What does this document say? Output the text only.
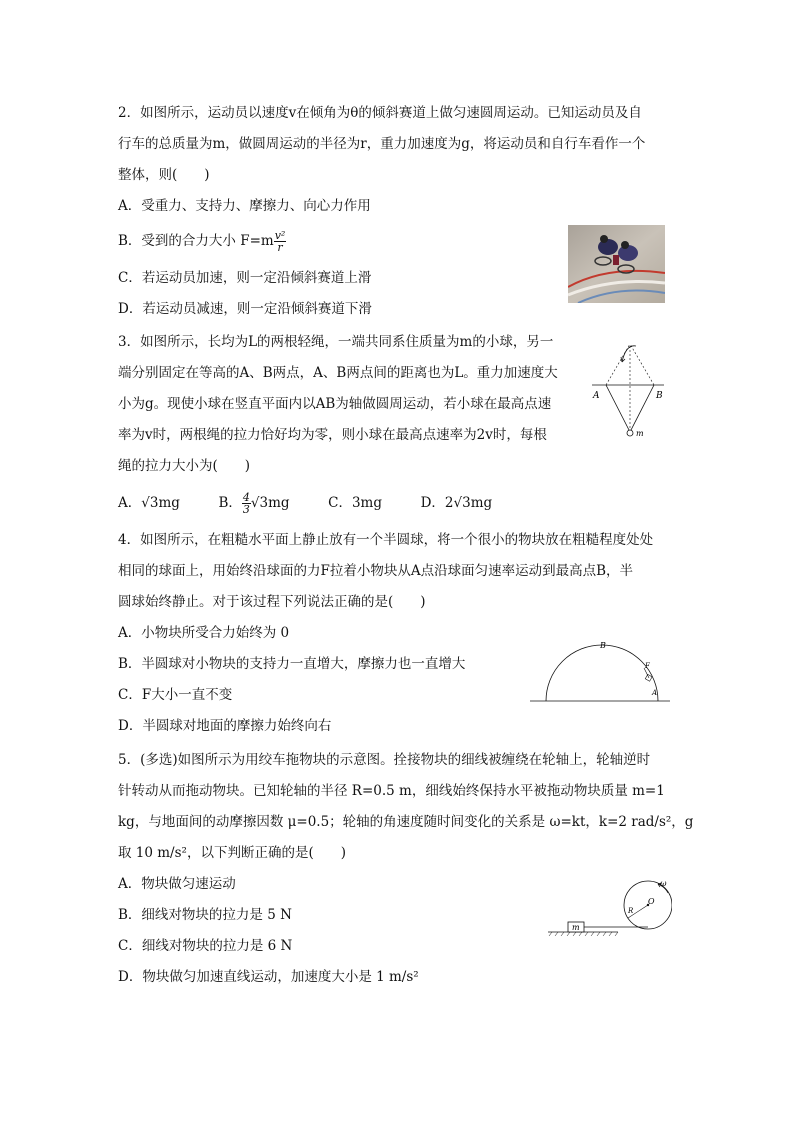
2．如图所示，运动员以速度v在倾角为θ的倾斜赛道上做匀速圆周运动。已知运动员及自
行车的总质量为m，做圆周运动的半径为r，重力加速度为g，将运动员和自行车看作一个
整体，则(　　)
A．受重力、支持力、摩擦力、向心力作用
B．受到的合力大小 $F=m \frac{\text{v²}}{r}$
C．若运动员加速，则一定沿倾斜赛道上滑
D．若运动员减速，则一定沿倾斜赛道下滑
3．如图所示，长均为L的两根轻绳，一端共同系住质量为m的小球，另一
端分别固定在等高的A、B两点，A、B两点间的距离也为L。重力加速度大
小为g。现使小球在竖直平面内以AB为轴做圆周运动，若小球在最高点速
率为v时，两根绳的拉力恰好均为零，则小球在最高点速率为2v时，每根
绳的拉力大小为(　　)
A．√3mg	B． $\frac{4}{3} √3mg$	C．3mg	D．2√3mg
A	B
m
4．如图所示，在粗糙水平面上静止放有一个半圆球，将一个很小的物块放在粗糙程度处处
相同的球面上，用始终沿球面的力F拉着小物块从A点沿球面匀速率运动到最高点B，半
圆球始终静止。对于该过程下列说法正确的是(　　)
A．小物块所受合力始终为 0
B．半圆球对小物块的支持力一直增大，摩擦力也一直增大
C．F大小一直不变
D．半圆球对地面的摩擦力始终向右
B
F
A
5．(多选)如图所示为用绞车拖物块的示意图。拴接物块的细线被缠绕在轮轴上，轮轴逆时
针转动从而拖动物块。已知轮轴的半径 R=0.5 m，细线始终保持水平被拖动物块质量 m=1
kg，与地面间的动摩擦因数 μ=0.5；轮轴的角速度随时间变化的关系是 ω=kt，k=2 rad/s²，g
取 10 m/s²，以下判断正确的是(　　)
A．物块做匀速运动
B．细线对物块的拉力是 5 N
C．细线对物块的拉力是 6 N
D．物块做匀加速直线运动，加速度大小是 1 m/s²
m
O
R
ω
